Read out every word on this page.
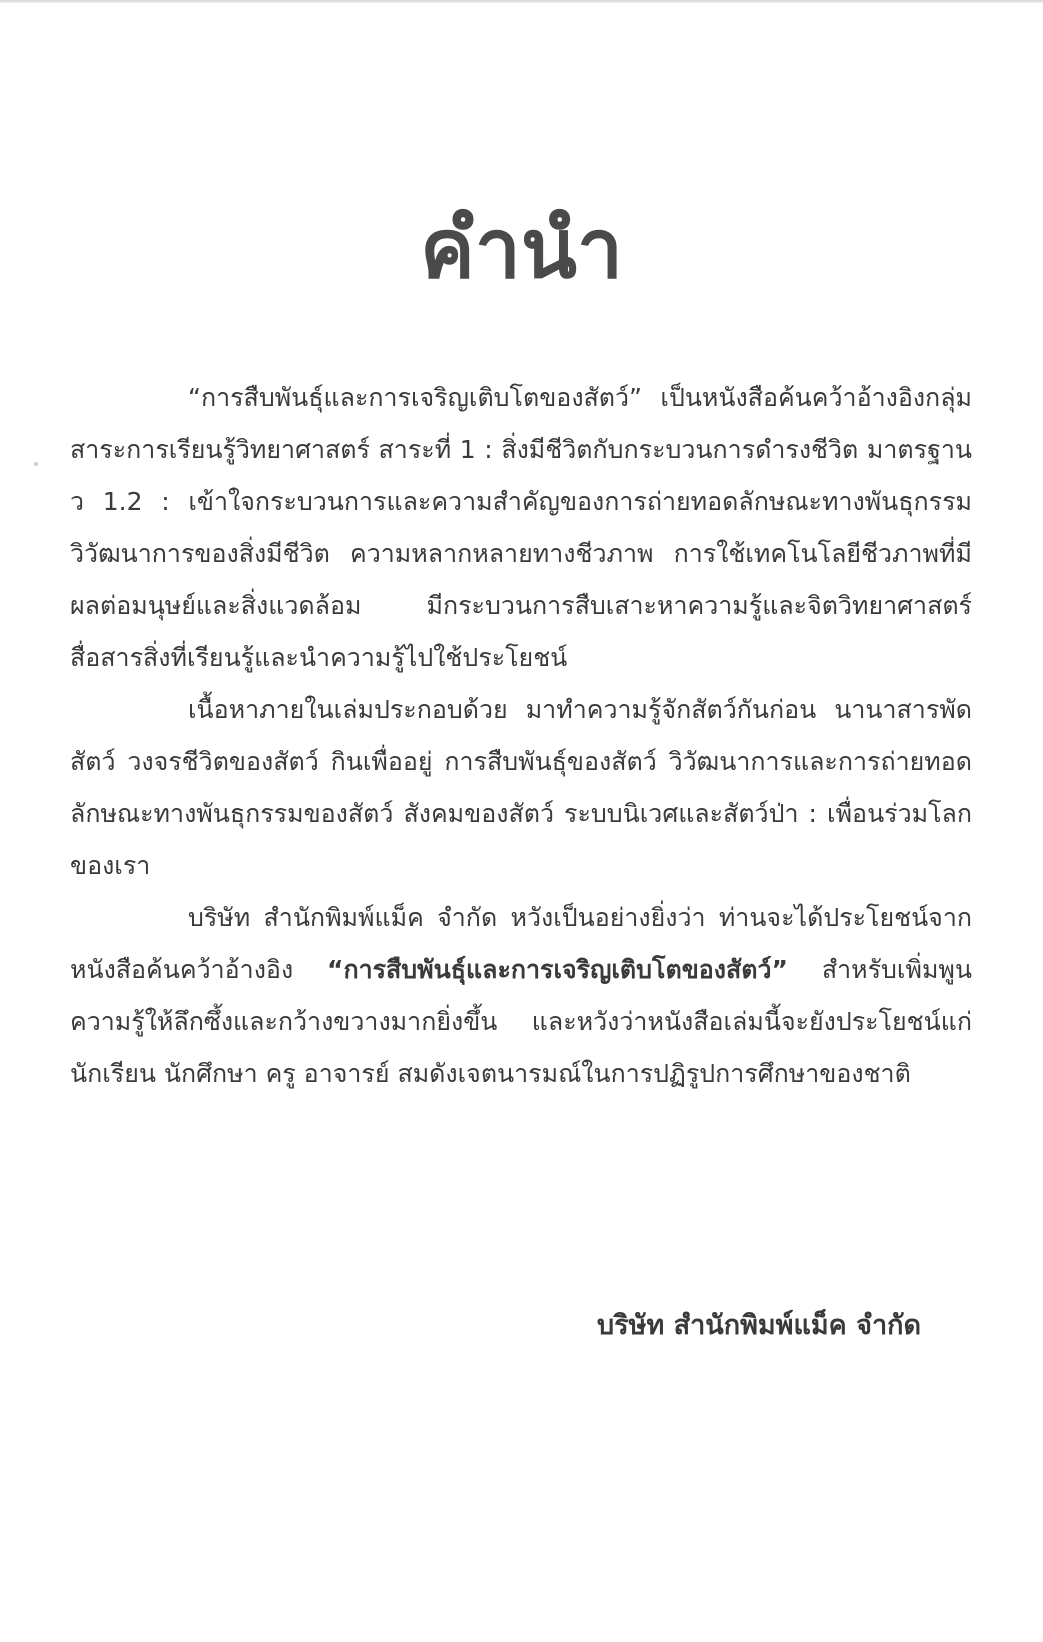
คำนำ

“การสืบพันธุ์และการเจริญเติบโตของสัตว์” เป็นหนังสือค้นคว้าอ้างอิงกลุ่มสาระการเรียนรู้วิทยาศาสตร์ สาระที่ 1 : สิ่งมีชีวิตกับกระบวนการดำรงชีวิต มาตรฐาน ว 1.2 : เข้าใจกระบวนการและความสำคัญของการถ่ายทอดลักษณะทางพันธุกรรม วิวัฒนาการของสิ่งมีชีวิต ความหลากหลายทางชีวภาพ การใช้เทคโนโลยีชีวภาพที่มีผลต่อมนุษย์และสิ่งแวดล้อม มีกระบวนการสืบเสาะหาความรู้และจิตวิทยาศาสตร์ สื่อสารสิ่งที่เรียนรู้และนำความรู้ไปใช้ประโยชน์

เนื้อหาภายในเล่มประกอบด้วย มาทำความรู้จักสัตว์กันก่อน นานาสารพัดสัตว์ วงจรชีวิตของสัตว์ กินเพื่ออยู่ การสืบพันธุ์ของสัตว์ วิวัฒนาการและการถ่ายทอดลักษณะทางพันธุกรรมของสัตว์ สังคมของสัตว์ ระบบนิเวศและสัตว์ป่า : เพื่อนร่วมโลกของเรา

บริษัท สำนักพิมพ์แม็ค จำกัด หวังเป็นอย่างยิ่งว่า ท่านจะได้ประโยชน์จากหนังสือค้นคว้าอ้างอิง “การสืบพันธุ์และการเจริญเติบโตของสัตว์” สำหรับเพิ่มพูนความรู้ให้ลึกซึ้งและกว้างขวางมากยิ่งขึ้น และหวังว่าหนังสือเล่มนี้จะยังประโยชน์แก่นักเรียน นักศึกษา ครู อาจารย์ สมดังเจตนารมณ์ในการปฏิรูปการศึกษาของชาติ

บริษัท สำนักพิมพ์แม็ค จำกัด
